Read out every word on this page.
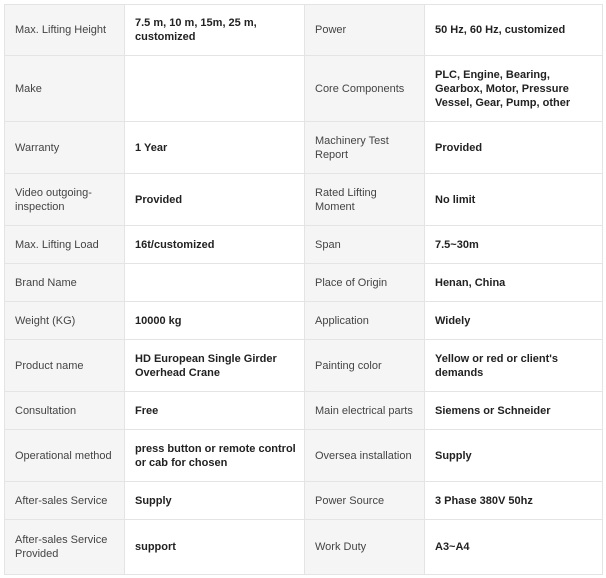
Max. Lifting Height	7.5 m, 10 m, 15m, 25 m, customized	Power	50 Hz, 60 Hz, customized
Make		Core Components	PLC, Engine, Bearing, Gearbox, Motor, Pressure Vessel, Gear, Pump, other
Warranty	1 Year	Machinery Test Report	Provided
Video outgoing-inspection	Provided	Rated Lifting Moment	No limit
Max. Lifting Load	16t/customized	Span	7.5~30m
Brand Name		Place of Origin	Henan, China
Weight (KG)	10000 kg	Application	Widely
Product name	HD European Single Girder Overhead Crane	Painting color	Yellow or red or client's demands
Consultation	Free	Main electrical parts	Siemens or Schneider
Operational method	press button or remote control or cab for chosen	Oversea installation	Supply
After-sales Service	Supply	Power Source	3 Phase 380V 50hz
After-sales Service Provided	support	Work Duty	A3~A4
